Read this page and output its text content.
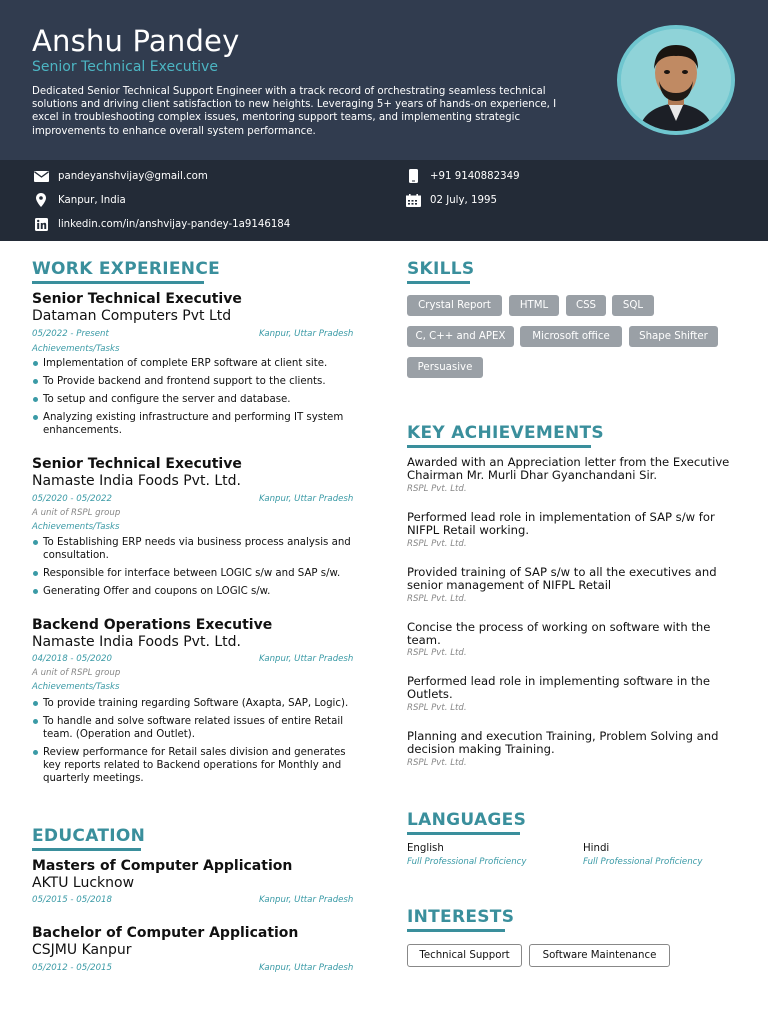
Anshu Pandey
Senior Technical Executive
Dedicated Senior Technical Support Engineer with a track record of orchestrating seamless technical solutions and driving client satisfaction to new heights. Leveraging 5+ years of hands-on experience, I excel in troubleshooting complex issues, mentoring support teams, and implementing strategic improvements to enhance overall system performance.
pandeyanshvijay@gmail.com	+91 9140882349
Kanpur, India	02 July, 1995
linkedin.com/in/anshvijay-pandey-1a9146184
WORK EXPERIENCE
Senior Technical Executive
Dataman Computers Pvt Ltd
05/2022 - Present	Kanpur, Uttar Pradesh
Achievements/Tasks
Implementation of complete ERP software at client site.
To Provide backend and frontend support to the clients.
To setup and configure the server and database.
Analyzing existing infrastructure and performing IT system enhancements.
Senior Technical Executive
Namaste India Foods Pvt. Ltd.
05/2020 - 05/2022	Kanpur, Uttar Pradesh
A unit of RSPL group
Achievements/Tasks
To Establishing ERP needs via business process analysis and consultation.
Responsible for interface between LOGIC s/w and SAP s/w.
Generating Offer and coupons on LOGIC s/w.
Backend Operations Executive
Namaste India Foods Pvt. Ltd.
04/2018 - 05/2020	Kanpur, Uttar Pradesh
A unit of RSPL group
Achievements/Tasks
To provide training regarding Software (Axapta, SAP, Logic).
To handle and solve software related issues of entire Retail team. (Operation and Outlet).
Review performance for Retail sales division and generates key reports related to Backend operations for Monthly and quarterly meetings.
EDUCATION
Masters of Computer Application
AKTU Lucknow
05/2015 - 05/2018	Kanpur, Uttar Pradesh
Bachelor of Computer Application
CSJMU Kanpur
05/2012 - 05/2015	Kanpur, Uttar Pradesh
SKILLS
Crystal Report	HTML	CSS	SQL
C, C++ and APEX	Microsoft office	Shape Shifter
Persuasive
KEY ACHIEVEMENTS
Awarded with an Appreciation letter from the Executive Chairman Mr. Murli Dhar Gyanchandani Sir.
RSPL Pvt. Ltd.
Performed lead role in implementation of SAP s/w for NIFPL Retail working.
RSPL Pvt. Ltd.
Provided training of SAP s/w to all the executives and senior management of NIFPL Retail
RSPL Pvt. Ltd.
Concise the process of working on software with the team.
RSPL Pvt. Ltd.
Performed lead role in implementing software in the Outlets.
RSPL Pvt. Ltd.
Planning and execution Training, Problem Solving and decision making Training.
RSPL Pvt. Ltd.
LANGUAGES
English
Full Professional Proficiency
Hindi
Full Professional Proficiency
INTERESTS
Technical Support	Software Maintenance
